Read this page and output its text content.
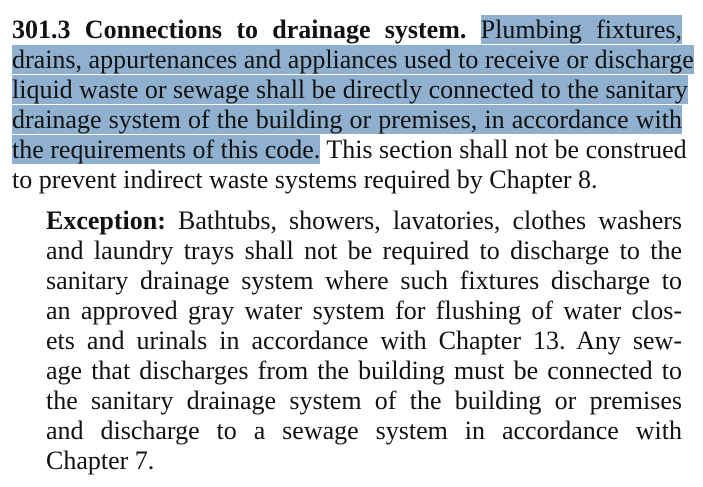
301.3 Connections to drainage system. Plumbing fixtures,
drains, appurtenances and appliances used to receive or discharge
liquid waste or sewage shall be directly connected to the sanitary
drainage system of the building or premises, in accordance with
the requirements of this code. This section shall not be construed
to prevent indirect waste systems required by Chapter 8.
Exception: Bathtubs, showers, lavatories, clothes washers
and laundry trays shall not be required to discharge to the
sanitary drainage system where such fixtures discharge to
an approved gray water system for flushing of water clos-
ets and urinals in accordance with Chapter 13. Any sew-
age that discharges from the building must be connected to
the sanitary drainage system of the building or premises
and discharge to a sewage system in accordance with
Chapter 7.
